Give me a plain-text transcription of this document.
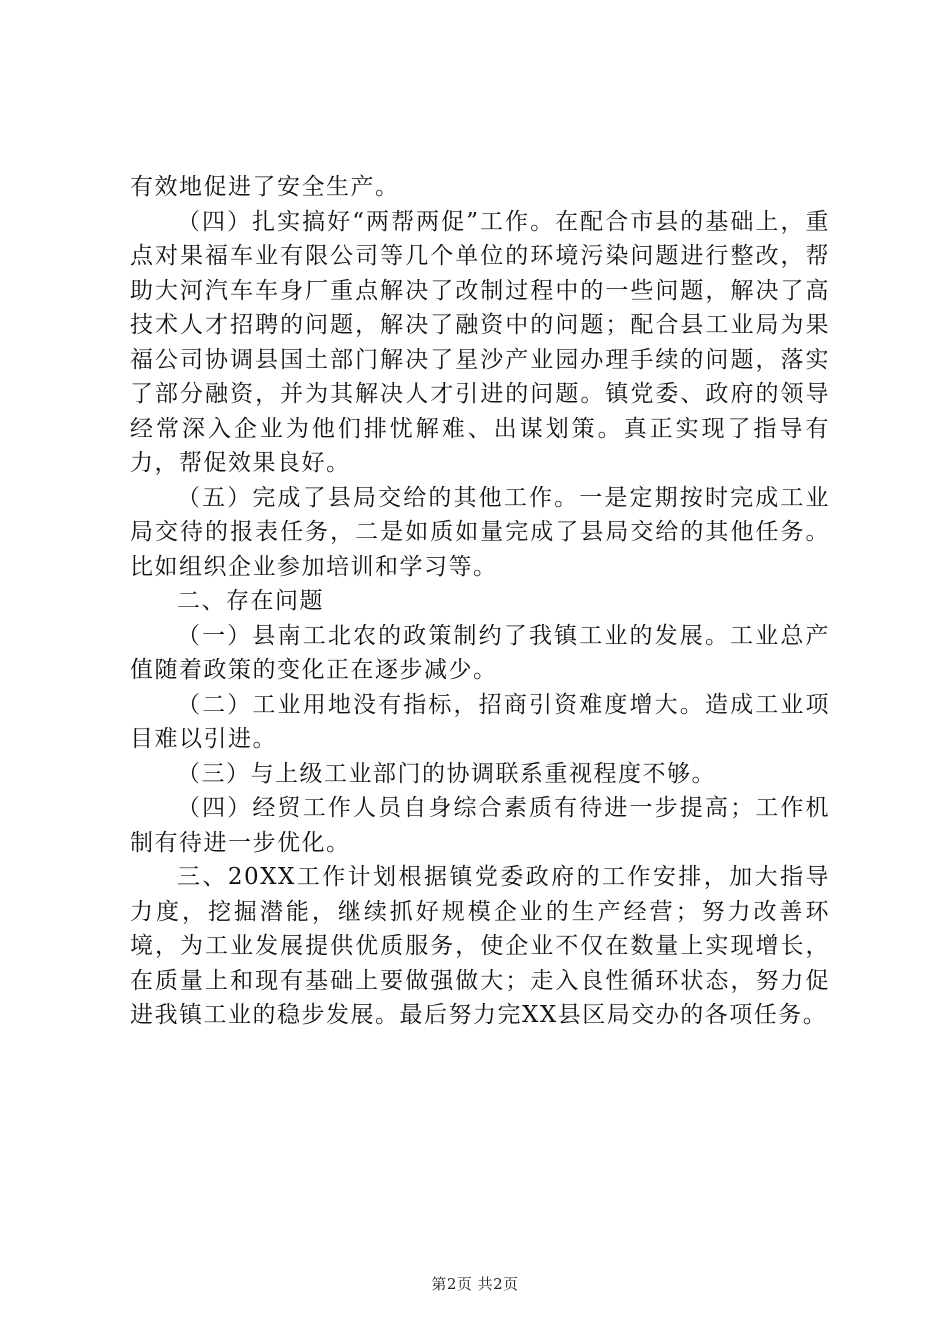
有效地促进了安全生产。

（四）扎实搞好“两帮两促”工作。在配合市县的基础上，重点对果福车业有限公司等几个单位的环境污染问题进行整改，帮助大河汽车车身厂重点解决了改制过程中的一些问题，解决了高技术人才招聘的问题，解决了融资中的问题；配合县工业局为果福公司协调县国土部门解决了星沙产业园办理手续的问题，落实了部分融资，并为其解决人才引进的问题。镇党委、政府的领导经常深入企业为他们排忧解难、出谋划策。真正实现了指导有力，帮促效果良好。

（五）完成了县局交给的其他工作。一是定期按时完成工业局交待的报表任务，二是如质如量完成了县局交给的其他任务。比如组织企业参加培训和学习等。

二、存在问题

（一）县南工北农的政策制约了我镇工业的发展。工业总产值随着政策的变化正在逐步减少。

（二）工业用地没有指标，招商引资难度增大。造成工业项目难以引进。

（三）与上级工业部门的协调联系重视程度不够。

（四）经贸工作人员自身综合素质有待进一步提高；工作机制有待进一步优化。

三、20XX工作计划根据镇党委政府的工作安排，加大指导力度，挖掘潜能，继续抓好规模企业的生产经营；努力改善环境，为工业发展提供优质服务，使企业不仅在数量上实现增长，在质量上和现有基础上要做强做大；走入良性循环状态，努力促进我镇工业的稳步发展。最后努力完XX县区局交办的各项任务。

第2页 共2页
